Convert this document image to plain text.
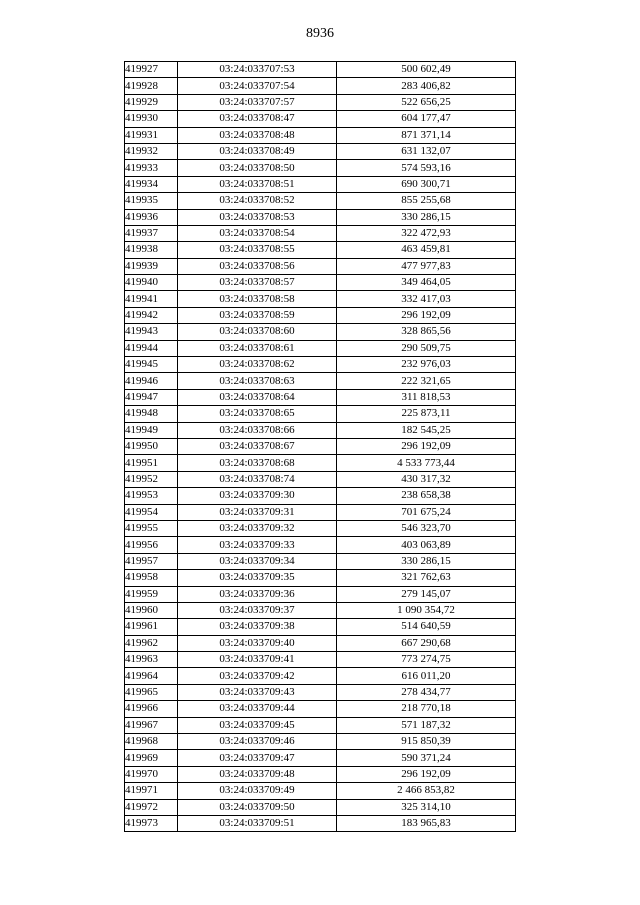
8936
419927	03:24:033707:53	500 602,49
419928	03:24:033707:54	283 406,82
419929	03:24:033707:57	522 656,25
419930	03:24:033708:47	604 177,47
419931	03:24:033708:48	871 371,14
419932	03:24:033708:49	631 132,07
419933	03:24:033708:50	574 593,16
419934	03:24:033708:51	690 300,71
419935	03:24:033708:52	855 255,68
419936	03:24:033708:53	330 286,15
419937	03:24:033708:54	322 472,93
419938	03:24:033708:55	463 459,81
419939	03:24:033708:56	477 977,83
419940	03:24:033708:57	349 464,05
419941	03:24:033708:58	332 417,03
419942	03:24:033708:59	296 192,09
419943	03:24:033708:60	328 865,56
419944	03:24:033708:61	290 509,75
419945	03:24:033708:62	232 976,03
419946	03:24:033708:63	222 321,65
419947	03:24:033708:64	311 818,53
419948	03:24:033708:65	225 873,11
419949	03:24:033708:66	182 545,25
419950	03:24:033708:67	296 192,09
419951	03:24:033708:68	4 533 773,44
419952	03:24:033708:74	430 317,32
419953	03:24:033709:30	238 658,38
419954	03:24:033709:31	701 675,24
419955	03:24:033709:32	546 323,70
419956	03:24:033709:33	403 063,89
419957	03:24:033709:34	330 286,15
419958	03:24:033709:35	321 762,63
419959	03:24:033709:36	279 145,07
419960	03:24:033709:37	1 090 354,72
419961	03:24:033709:38	514 640,59
419962	03:24:033709:40	667 290,68
419963	03:24:033709:41	773 274,75
419964	03:24:033709:42	616 011,20
419965	03:24:033709:43	278 434,77
419966	03:24:033709:44	218 770,18
419967	03:24:033709:45	571 187,32
419968	03:24:033709:46	915 850,39
419969	03:24:033709:47	590 371,24
419970	03:24:033709:48	296 192,09
419971	03:24:033709:49	2 466 853,82
419972	03:24:033709:50	325 314,10
419973	03:24:033709:51	183 965,83
